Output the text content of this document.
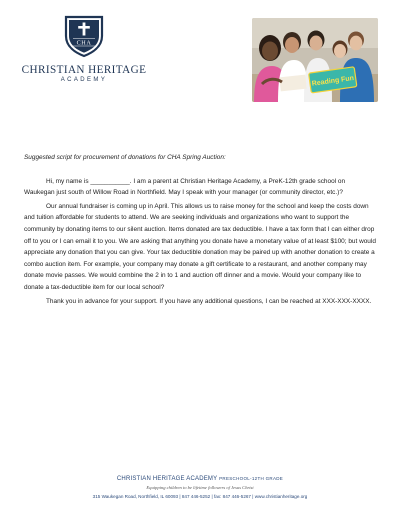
CHA
CHRISTIAN HERITAGE
ACADEMY	Reading Fun

Suggested script for procurement of donations for CHA Spring Auction:

Hi, my name is ___________. I am a parent at Christian Heritage Academy, a PreK-12th grade school on Waukegan just south of Willow Road in Northfield. May I speak with your manager (or community director, etc.)?

Our annual fundraiser is coming up in April. This allows us to raise money for the school and keep the costs down and tuition affordable for students to attend. We are seeking individuals and organizations who want to support the community by donating items to our silent auction. Items donated are tax deductible. I have a tax form that I can either drop off to you or I can email it to you. We are asking that anything you donate have a monetary value of at least $100; but would appreciate any donation that you can give. Your tax deductible donation may be paired up with another donation to create a combo auction item. For example, your company may donate a gift certificate to a restaurant, and another company may donate movie passes. We would combine the 2 in to 1 and auction off dinner and a movie. Would your company like to donate a tax-deductible item for our local school?

Thank you in advance for your support. If you have any additional questions, I can be reached at XXX-XXX-XXXX.

CHRISTIAN HERITAGE ACADEMY PRESCHOOL-12TH GRADE
Equipping children to be lifetime followers of Jesus Christ
315 Waukegan Road, Northfield, IL 60093 | 847 446-5252 | fax: 847 446-5267 | www.christianheritage.org
